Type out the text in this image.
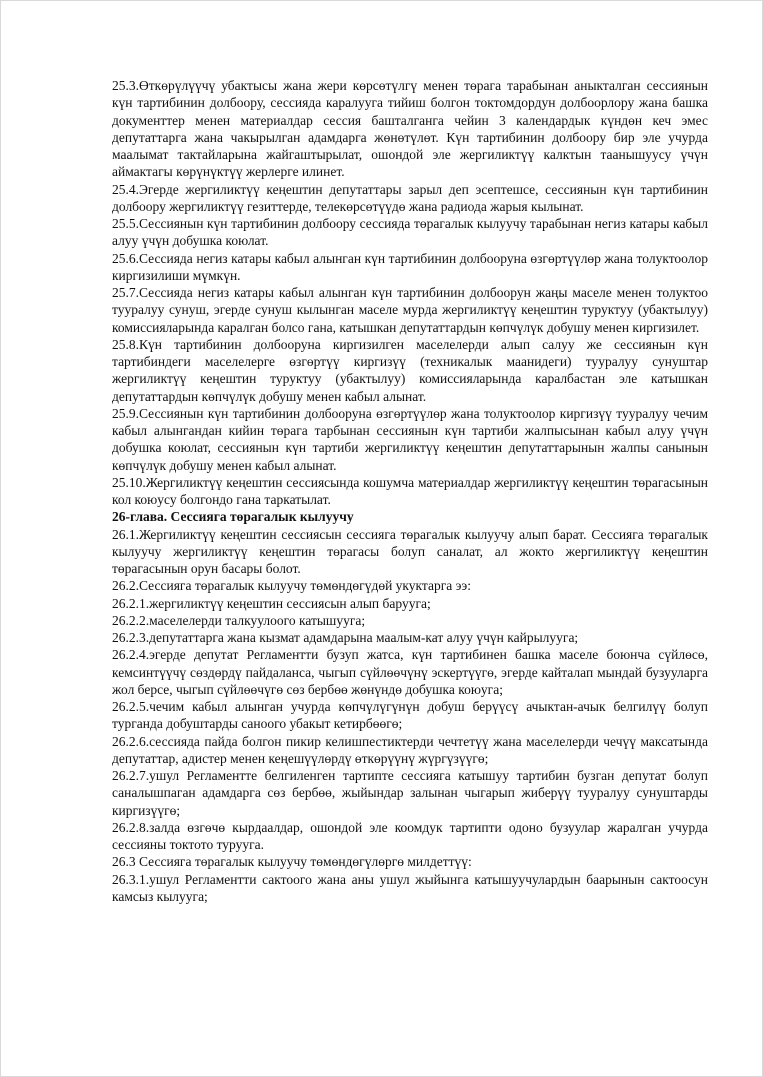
25.3.Өткөрүлүүчү убактысы жана жери көрсөтүлгү менен төрага тарабынан аныкталган сессиянын күн тартибинин долбоору, сессияда каралууга тийиш болгон токтомдордун долбоорлору жана башка документтер менен материалдар сессия башталганга чейин 3 календардык күндөн кеч эмес депутаттарга жана чакырылган адамдарга жөнөтүлөт. Күн тартибинин долбоору бир эле учурда маалымат тактайларына жайгаштырылат, ошондой эле жергиликтүү калктын таанышуусу үчүн аймактагы көрүнүктүү жерлерге илинет.

25.4.Эгерде жергиликтүү кеңештин депутаттары зарыл деп эсептешсе, сессиянын күн тартибинин долбоору жергиликтүү гезиттерде, телекөрсөтүүдө жана радиода жарыя кылынат.

25.5.Сессиянын күн тартибинин долбоору сессияда төрагалык кылуучу тарабынан негиз катары кабыл алуу үчүн добушка коюлат.

25.6.Сессияда негиз катары кабыл алынган күн тартибинин долбооруна өзгөртүүлөр жана толуктоолор киргизилиши мүмкүн.

25.7.Сессияда негиз катары кабыл алынган күн тартибинин долбоорун жаңы маселе менен толуктоо тууралуу сунуш, эгерде сунуш кылынган маселе мурда жергиликтүү кеңештин туруктуу (убактылуу) комиссияларында каралган болсо гана, катышкан депутаттардын көпчүлүк добушу менен киргизилет.

25.8.Күн тартибинин долбооруна киргизилген маселелерди алып салуу же сессиянын күн тартибиндеги маселелерге өзгөртүү киргизүү (техникалык маанидеги) тууралуу сунуштар жергиликтүү кеңештин туруктуу (убактылуу) комиссияларында каралбастан эле катышкан депутаттардын көпчүлүк добушу менен кабыл алынат.

25.9.Сессиянын күн тартибинин долбооруна өзгөртүүлөр жана толуктоолор киргизүү тууралуу чечим кабыл алынгандан кийин төрага тарбынан сессиянын күн тартиби жалпысынан кабыл алуу үчүн добушка коюлат, сессиянын күн тартиби жергиликтүү кеңештин депутаттарынын жалпы санынын көпчүлүк добушу менен кабыл алынат.

25.10.Жергиликтүү кеңештин сессиясында кошумча материалдар жергиликтүү кеңештин төрагасынын кол коюусу болгондо гана таркатылат.

26-глава. Сессияга төрагалык кылуучу

26.1.Жергиликтүү кеңештин сессиясын сессияга төрагалык кылуучу алып барат. Сессияга төрагалык кылуучу жергиликтүү кеңештин төрагасы болуп саналат, ал жокто жергиликтүү кеңештин төрагасынын орун басары болот.

26.2.Сессияга төрагалык кылуучу төмөндөгүдөй укуктарга ээ:

26.2.1.жергиликтүү кеңештин сессиясын алып барууга;

26.2.2.маселелерди талкуулоого катышууга;

26.2.3.депутаттарга жана кызмат адамдарына маалым-кат алуу үчүн кайрылууга;

26.2.4.эгерде депутат Регламентти бузуп жатса, күн тартибинен башка маселе боюнча сүйлөсө, кемсинтүүчү сөздөрдү пайдаланса, чыгып сүйлөөчүнү эскертүүгө, эгерде кайталап мындай бузууларга жол берсе, чыгып сүйлөөчүгө сөз бербөө жөнүндө добушка коюуга;

26.2.5.чечим кабыл алынган учурда көпчүлүгүнүн добуш берүүсү ачыктан-ачык белгилүү болуп турганда добуштарды саноого убакыт кетирбөөгө;

26.2.6.сессияда пайда болгон пикир келишпестиктерди чечтетүү жана маселелерди чечүү максатында депутаттар, адистер менен кеңешүүлөрдү өткөрүүнү жүргүзүүгө;

26.2.7.ушул Регламентте белгиленген тартипте сессияга катышуу тартибин бузган депутат болуп саналышпаган адамдарга сөз бербөө, жыйындар залынан чыгарып жиберүү тууралуу сунуштарды киргизүүгө;

26.2.8.залда өзгөчө кырдаалдар, ошондой эле коомдук тартипти одоно бузуулар жаралган учурда сессияны токтото турууга.

26.3 Сессияга төрагалык кылуучу төмөндөгүлөргө милдеттүү:

26.3.1.ушул Регламентти сактоого жана аны ушул жыйынга катышуучулардын баарынын сактоосун камсыз кылууга;
